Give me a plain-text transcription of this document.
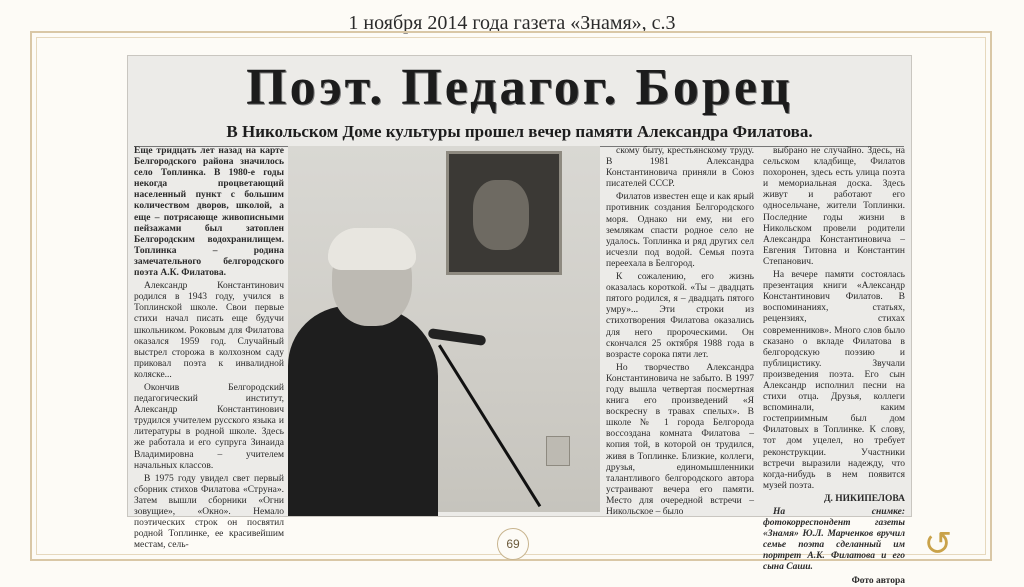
1 ноября 2014 года газета «Знамя», с.3
Поэт. Педагог. Борец
В Никольском Доме культуры прошел вечер памяти Александра Филатова.

Еще тридцать лет назад на карте Белгородского района значилось село Топлинка. В 1980-е годы некогда процветающий населенный пункт с большим количеством дворов, школой, а еще – потрясающе живописными пейзажами был затоплен Белгородским водохранилищем. Топлинка – родина замечательного белгородского поэта А.К. Филатова.

Александр Константинович родился в 1943 году, учился в Топлинской школе. Свои первые стихи начал писать еще будучи школьником. Роковым для Филатова оказался 1959 год. Случайный выстрел сторожа в колхозном саду приковал поэта к инвалидной коляске...

Окончив Белгородский педагогический институт, Александр Константинович трудился учителем русского языка и литературы в родной школе. Здесь же работала и его супруга Зинаида Владимировна – учителем начальных классов.

В 1975 году увидел свет первый сборник стихов Филатова «Струна». Затем вышли сборники «Огни зовущие», «Окно». Немало поэтических строк он посвятил родной Топлинке, ее красивейшим местам, сель-

скому быту, крестьянскому труду. В 1981 Александра Константиновича приняли в Союз писателей СССР.

Филатов известен еще и как ярый противник создания Белгородского моря. Однако ни ему, ни его землякам спасти родное село не удалось. Топлинка и ряд других сел исчезли под водой. Семья поэта переехала в Белгород.

К сожалению, его жизнь оказалась короткой. «Ты – двадцать пятого родился, я – двадцать пятого умру»... Эти строки из стихотворения Филатова оказались для него пророческими. Он скончался 25 октября 1988 года в возрасте сорока пяти лет.

Но творчество Александра Константиновича не забыто. В 1997 году вышла четвертая посмертная книга его произведений «Я воскресну в травах спелых». В школе № 1 города Белгорода воссоздана комната Филатова – копия той, в которой он трудился, живя в Топлинке. Близкие, коллеги, друзья, единомышленники талантливого белгородского автора устраивают вечера его памяти. Место для очередной встречи – Никольское – было

выбрано не случайно. Здесь, на сельском кладбище, Филатов похоронен, здесь есть улица поэта и мемориальная доска. Здесь живут и работают его односельчане, жители Топлинки. Последние годы жизни в Никольском провели родители Александра Константиновича – Евгения Титовна и Константин Степанович.

На вечере памяти состоялась презентация книги «Александр Константинович Филатов. В воспоминаниях, статьях, рецензиях, стихах современников». Много слов было сказано о вкладе Филатова в белгородскую поэзию и публицистику. Звучали произведения поэта. Его сын Александр исполнил песни на стихи отца. Друзья, коллеги вспоминали, каким гостеприимным был дом Филатовых в Топлинке. К слову, тот дом уцелел, но требует реконструкции. Участники встречи выразили надежду, что когда-нибудь в нем появится музей поэта.

Д. НИКИПЕЛОВА

На снимке: фотокорреспондент газеты «Знамя» Ю.Л. Марченков вручил семье поэта сделанный им портрет А.К. Филатова и его сына Саши.

Фото автора

69	↺
